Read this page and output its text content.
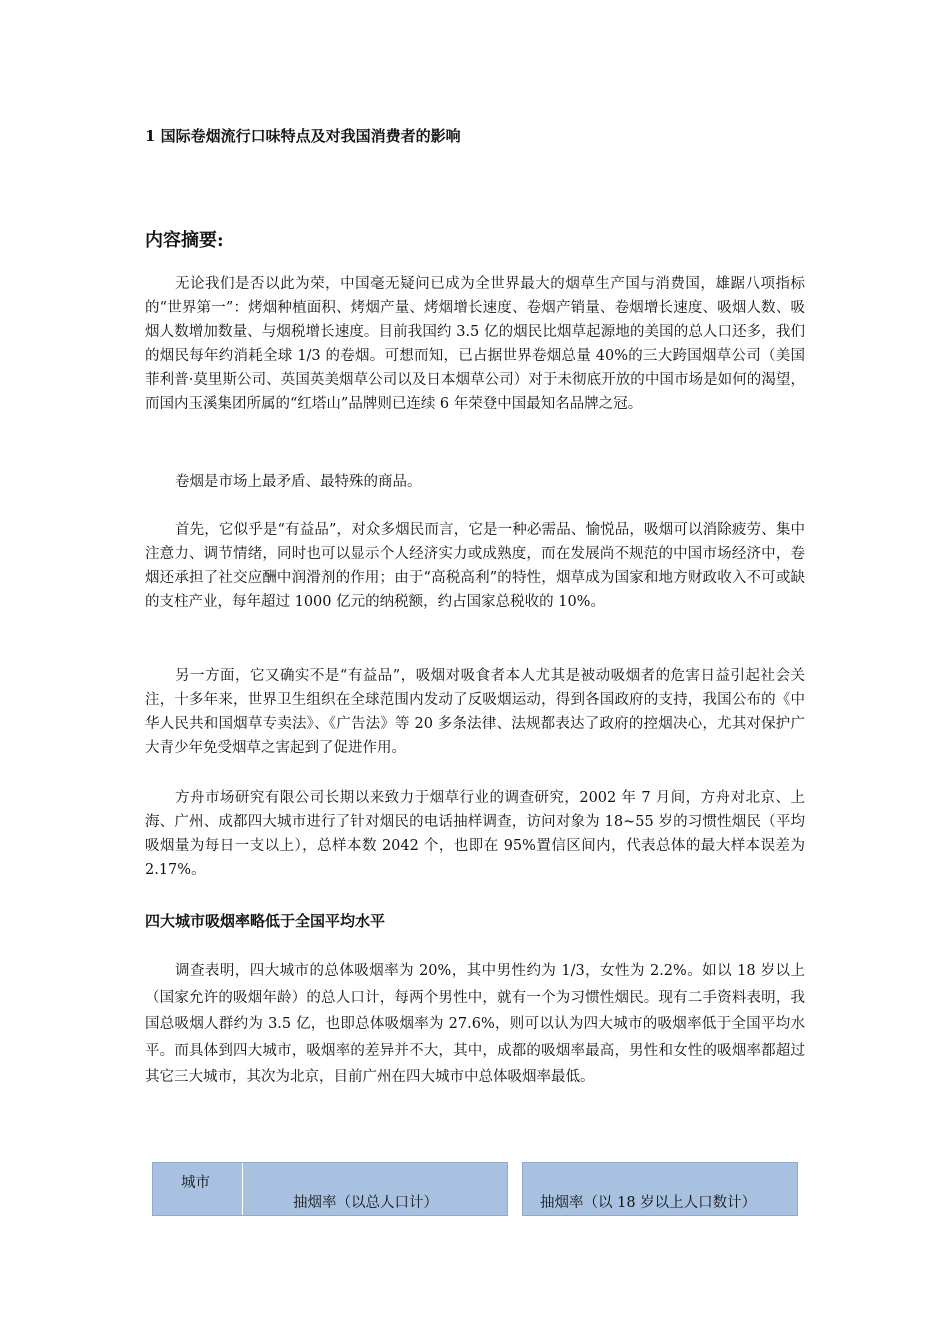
1 国际卷烟流行口味特点及对我国消费者的影响
内容摘要:

无论我们是否以此为荣，中国毫无疑问已成为全世界最大的烟草生产国与消费国，雄踞八项指标的“世界第一”：烤烟种植面积、烤烟产量、烤烟增长速度、卷烟产销量、卷烟增长速度、吸烟人数、吸烟人数增加数量、与烟税增长速度。目前我国约 3.5 亿的烟民比烟草起源地的美国的总人口还多，我们的烟民每年约消耗全球 1/3 的卷烟。可想而知，已占据世界卷烟总量 40%的三大跨国烟草公司（美国菲利普·莫里斯公司、英国英美烟草公司以及日本烟草公司）对于未彻底开放的中国市场是如何的渴望，而国内玉溪集团所属的“红塔山”品牌则已连续 6 年荣登中国最知名品牌之冠。

卷烟是市场上最矛盾、最特殊的商品。

首先，它似乎是“有益品”，对众多烟民而言，它是一种必需品、愉悦品，吸烟可以消除疲劳、集中注意力、调节情绪，同时也可以显示个人经济实力或成熟度，而在发展尚不规范的中国市场经济中，卷烟还承担了社交应酬中润滑剂的作用；由于“高税高利”的特性，烟草成为国家和地方财政收入不可或缺的支柱产业，每年超过 1000 亿元的纳税额，约占国家总税收的 10%。

另一方面，它又确实不是“有益品”，吸烟对吸食者本人尤其是被动吸烟者的危害日益引起社会关注，十多年来，世界卫生组织在全球范围内发动了反吸烟运动，得到各国政府的支持，我国公布的《中华人民共和国烟草专卖法》、《广告法》等 20 多条法律、法规都表达了政府的控烟决心，尤其对保护广大青少年免受烟草之害起到了促进作用。

方舟市场研究有限公司长期以来致力于烟草行业的调查研究，2002 年 7 月间，方舟对北京、上海、广州、成都四大城市进行了针对烟民的电话抽样调查，访问对象为 18~55 岁的习惯性烟民（平均吸烟量为每日一支以上），总样本数 2042 个，也即在 95%置信区间内，代表总体的最大样本误差为 2.17%。

四大城市吸烟率略低于全国平均水平

调查表明，四大城市的总体吸烟率为 20%，其中男性约为 1/3，女性为 2.2%。如以 18 岁以上（国家允许的吸烟年龄）的总人口计，每两个男性中，就有一个为习惯性烟民。现有二手资料表明，我国总吸烟人群约为 3.5 亿，也即总体吸烟率为 27.6%，则可以认为四大城市的吸烟率低于全国平均水平。而具体到四大城市，吸烟率的差异并不大，其中，成都的吸烟率最高，男性和女性的吸烟率都超过其它三大城市，其次为北京，目前广州在四大城市中总体吸烟率最低。

城市
抽烟率（以总人口计）	抽烟率（以 18 岁以上人口数计）
